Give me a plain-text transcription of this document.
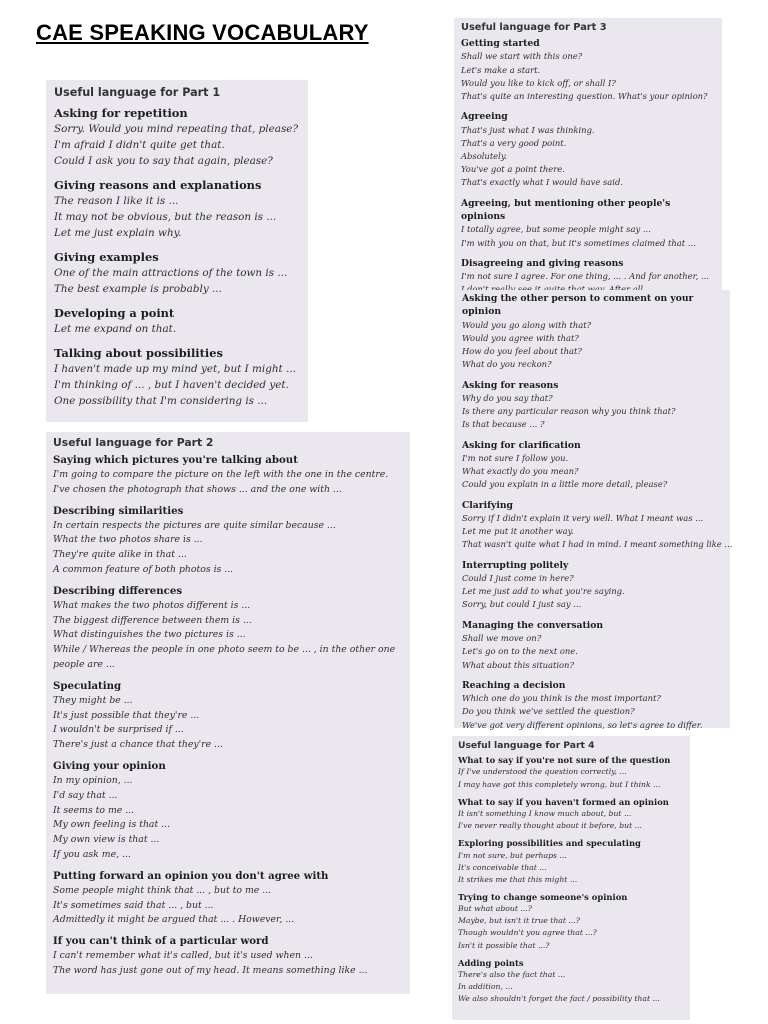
CAE SPEAKING VOCABULARY
Useful language for Part 1
Asking for repetition
Sorry. Would you mind repeating that, please?
I'm afraid I didn't quite get that.
Could I ask you to say that again, please?
Giving reasons and explanations
The reason I like it is ...
It may not be obvious, but the reason is ...
Let me just explain why.
Giving examples
One of the main attractions of the town is ...
The best example is probably ...
Developing a point
Let me expand on that.
Talking about possibilities
I haven't made up my mind yet, but I might ...
I'm thinking of ... , but I haven't decided yet.
One possibility that I'm considering is ...
Useful language for Part 2
Saying which pictures you're talking about
I'm going to compare the picture on the left with the one in the centre.
I've chosen the photograph that shows ... and the one with ...
Describing similarities
In certain respects the pictures are quite similar because ...
What the two photos share is ...
They're quite alike in that ...
A common feature of both photos is ...
Describing differences
What makes the two photos different is ...
The biggest difference between them is ...
What distinguishes the two pictures is ...
While / Whereas the people in one photo seem to be ... , in the other one people are ...
Speculating
They might be ...
It's just possible that they're ...
I wouldn't be surprised if ...
There's just a chance that they're ...
Giving your opinion
In my opinion, ...
I'd say that ...
It seems to me ...
My own feeling is that ...
My own view is that ...
If you ask me, ...
Putting forward an opinion you don't agree with
Some people might think that ... , but to me ...
It's sometimes said that ... , but ...
Admittedly it might be argued that ... . However, ...
If you can't think of a particular word
I can't remember what it's called, but it's used when ...
The word has just gone out of my head. It means something like ...
Useful language for Part 3
Getting started
Shall we start with this one?
Let's make a start.
Would you like to kick off, or shall I?
That's quite an interesting question. What's your opinion?
Agreeing
That's just what I was thinking.
That's a very good point.
Absolutely.
You've got a point there.
That's exactly what I would have said.
Agreeing, but mentioning other people's opinions
I totally agree, but some people might say ...
I'm with you on that, but it's sometimes claimed that ...
Disagreeing and giving reasons
I'm not sure I agree. For one thing, ... . And for another, ...
Asking the other person to comment on your opinion
Would you go along with that?
Would you agree with that?
How do you feel about that?
What do you reckon?
Asking for reasons
Why do you say that?
Is there any particular reason why you think that?
Is that because ... ?
Asking for clarification
I'm not sure I follow you.
What exactly do you mean?
Could you explain in a little more detail, please?
Clarifying
Sorry if I didn't explain it very well. What I meant was ...
Let me put it another way.
That wasn't quite what I had in mind. I meant something like ...
Interrupting politely
Could I just come in here?
Let me just add to what you're saying.
Sorry, but could I just say ...
Managing the conversation
Shall we move on?
Let's go on to the next one.
What about this situation?
Reaching a decision
Which one do you think is the most important?
Do you think we've settled the question?
We've got very different opinions, so let's agree to differ.
Useful language for Part 4
What to say if you're not sure of the question
If I've understood the question correctly, ...
I may have got this completely wrong, but I think ...
What to say if you haven't formed an opinion
It isn't something I know much about, but ...
I've never really thought about it before, but ...
Exploring possibilities and speculating
I'm not sure, but perhaps ...
It's conceivable that ...
It strikes me that this might ...
Trying to change someone's opinion
But what about ...?
Maybe, but isn't it true that ...?
Though wouldn't you agree that ...?
Isn't it possible that ...?
Adding points
There's also the fact that ...
In addition, ...
We also shouldn't forget the fact / possibility that ...
